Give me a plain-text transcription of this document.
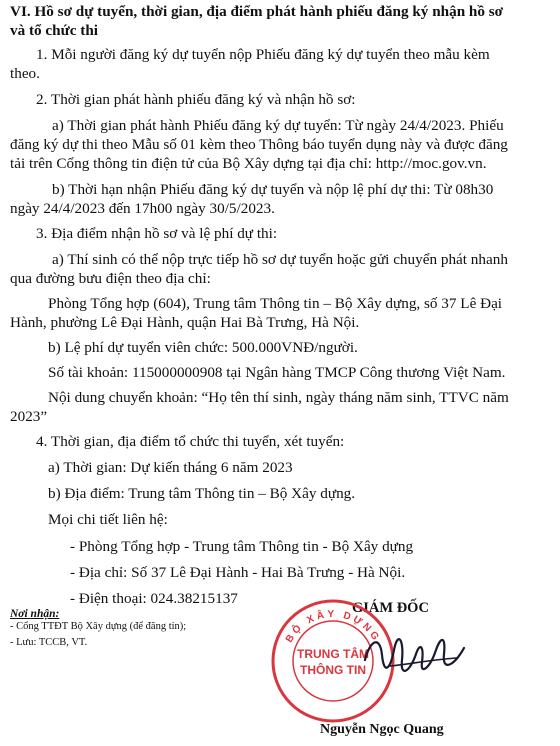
VI. Hồ sơ dự tuyển, thời gian, địa điểm phát hành phiếu đăng ký nhận hồ sơ
và tổ chức thi
1. Mỗi người đăng ký dự tuyển nộp Phiếu đăng ký dự tuyển theo mẫu kèm
theo.
2. Thời gian phát hành phiếu đăng ký và nhận hồ sơ:
a) Thời gian phát hành Phiếu đăng ký dự tuyển: Từ ngày 24/4/2023. Phiếu
đăng ký dự thi theo Mẫu số 01 kèm theo Thông báo tuyển dụng này và được đăng
tải trên Cổng thông tin điện tử của Bộ Xây dựng tại địa chỉ: http://moc.gov.vn.
b) Thời hạn nhận Phiếu đăng ký dự tuyển và nộp lệ phí dự thi: Từ 08h30
ngày 24/4/2023 đến 17h00 ngày 30/5/2023.
3. Địa điểm nhận hồ sơ và lệ phí dự thi:
a) Thí sinh có thể nộp trực tiếp hồ sơ dự tuyển hoặc gửi chuyển phát nhanh
qua đường bưu điện theo địa chỉ:
Phòng Tổng hợp (604), Trung tâm Thông tin – Bộ Xây dựng, số 37 Lê Đại
Hành, phường Lê Đại Hành, quận Hai Bà Trưng, Hà Nội.
b) Lệ phí dự tuyển viên chức: 500.000VNĐ/người.
Số tài khoản: 115000000908 tại Ngân hàng TMCP Công thương Việt Nam.
Nội dung chuyển khoản: “Họ tên thí sinh, ngày tháng năm sinh, TTVC năm
2023”
4. Thời gian, địa điểm tổ chức thi tuyển, xét tuyển:
a) Thời gian: Dự kiến tháng 6 năm 2023
b) Địa điểm: Trung tâm Thông tin – Bộ Xây dựng.
Mọi chi tiết liên hệ:
- Phòng Tổng hợp - Trung tâm Thông tin - Bộ Xây dựng
- Địa chỉ: Số 37 Lê Đại Hành - Hai Bà Trưng - Hà Nội.
- Điện thoại: 024.38215137
Nơi nhận:
- Cổng TTĐT Bộ Xây dựng (để đăng tin);
- Lưu: TCCB, VT.
GIÁM ĐỐC
BỘ XÂY DỰNG
TRUNG TÂM
THÔNG TIN
Nguyễn Ngọc Quang
